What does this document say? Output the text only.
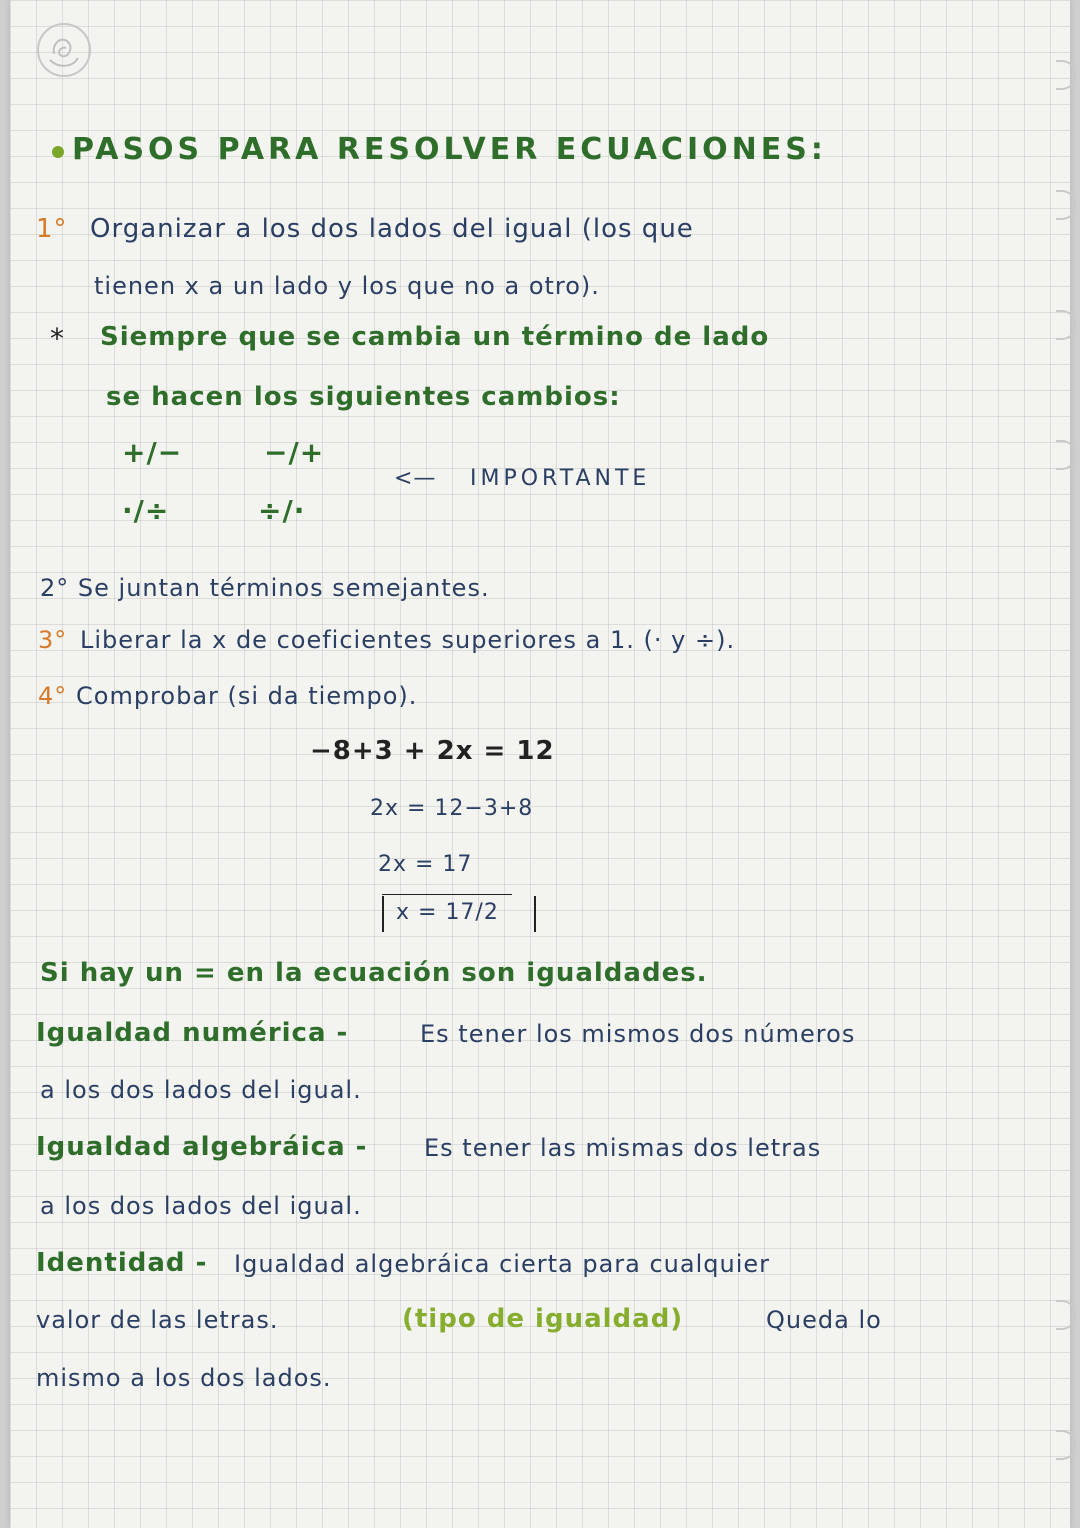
PASOS PARA RESOLVER ECUACIONES:
1° Organizar a los dos lados del igual (los que
tienen x a un lado y los que no a otro).
* Siempre que se cambia un término de lado
se hacen los siguientes cambios:
+/−	−/+
·/÷	÷/·
<— IMPORTANTE
2° Se juntan términos semejantes.
3° Liberar la x de coeficientes superiores a 1. (· y ÷).
4° Comprobar (si da tiempo).
−8+3 + 2x = 12
2x = 12−3+8
2x = 17
x = 17/2
Si hay un = en la ecuación son igualdades.
Igualdad numérica -	Es tener los mismos dos números
a los dos lados del igual.
Igualdad algebráica - Es tener las mismas dos letras
a los dos lados del igual.
Identidad - Igualdad algebráica cierta para cualquier
valor de las letras.	(tipo de igualdad)	Queda lo
mismo a los dos lados.
